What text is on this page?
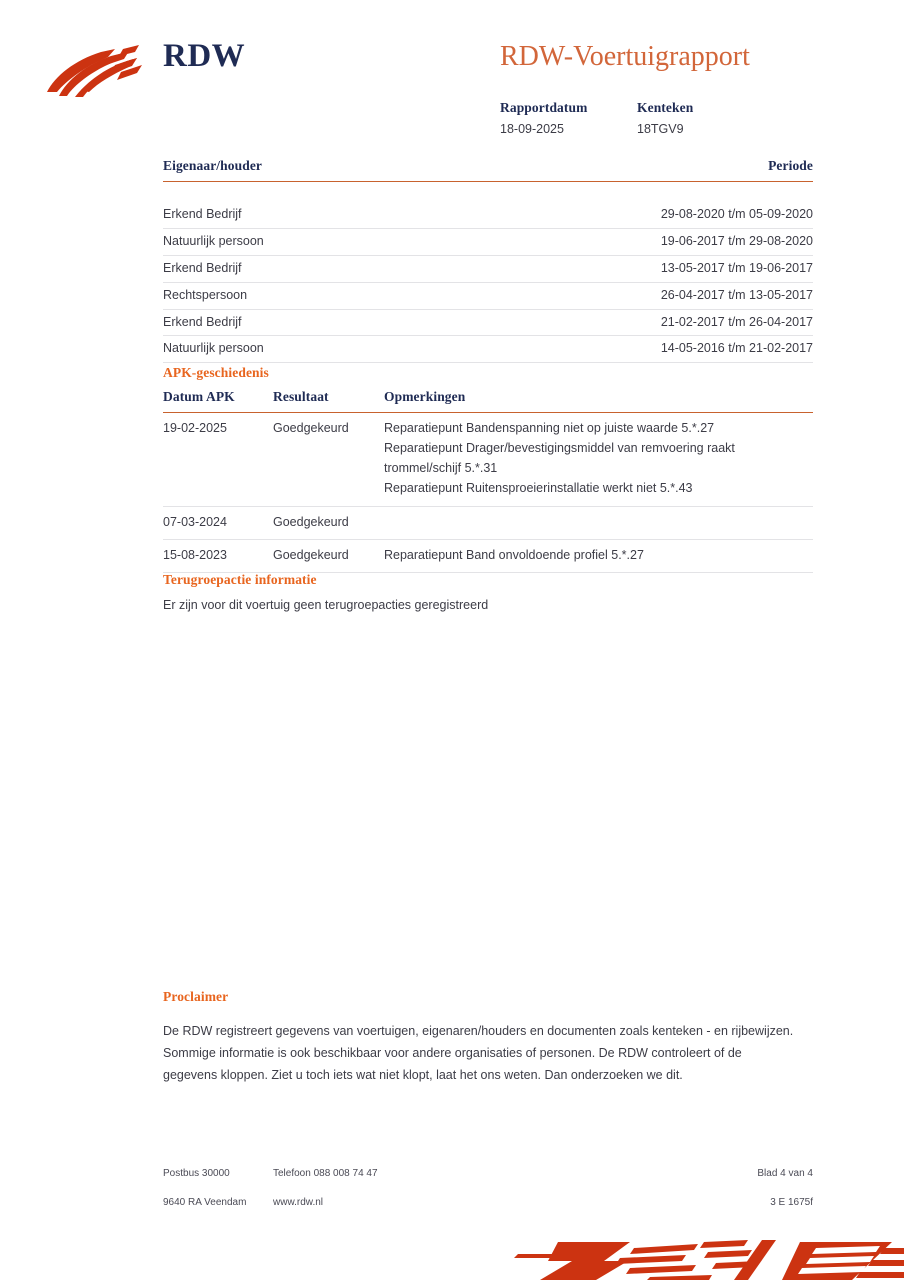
RDW	RDW-Voertuigrapport
Rapportdatum
18-09-2025
Kenteken
18TGV9
Eigenaar/houder	Periode
Erkend Bedrijf	29-08-2020 t/m 05-09-2020
Natuurlijk persoon	19-06-2017 t/m 29-08-2020
Erkend Bedrijf	13-05-2017 t/m 19-06-2017
Rechtspersoon	26-04-2017 t/m 13-05-2017
Erkend Bedrijf	21-02-2017 t/m 26-04-2017
Natuurlijk persoon	14-05-2016 t/m 21-02-2017
APK-geschiedenis
Datum APK	Resultaat	Opmerkingen
19-02-2025	Goedgekeurd	Reparatiepunt Bandenspanning niet op juiste waarde 5.*.27
Reparatiepunt Drager/bevestigingsmiddel van remvoering raakt trommel/schijf 5.*.31
Reparatiepunt Ruitensproeierinstallatie werkt niet 5.*.43

07-03-2024	Goedgekeurd	
15-08-2023	Goedgekeurd	Reparatiepunt Band onvoldoende profiel 5.*.27
Terugroepactie informatie
Er zijn voor dit voertuig geen terugroepacties geregistreerd
Proclaimer
De RDW registreert gegevens van voertuigen, eigenaren/houders en documenten zoals kenteken - en rijbewijzen. Sommige informatie is ook beschikbaar voor andere organisaties of personen. De RDW controleert of de gegevens kloppen. Ziet u toch iets wat niet klopt, laat het ons weten. Dan onderzoeken we dit.
Postbus 30000	Telefoon 088 008 74 47	Blad 4 van 4
9640 RA Veendam	www.rdw.nl	3 E 1675f
